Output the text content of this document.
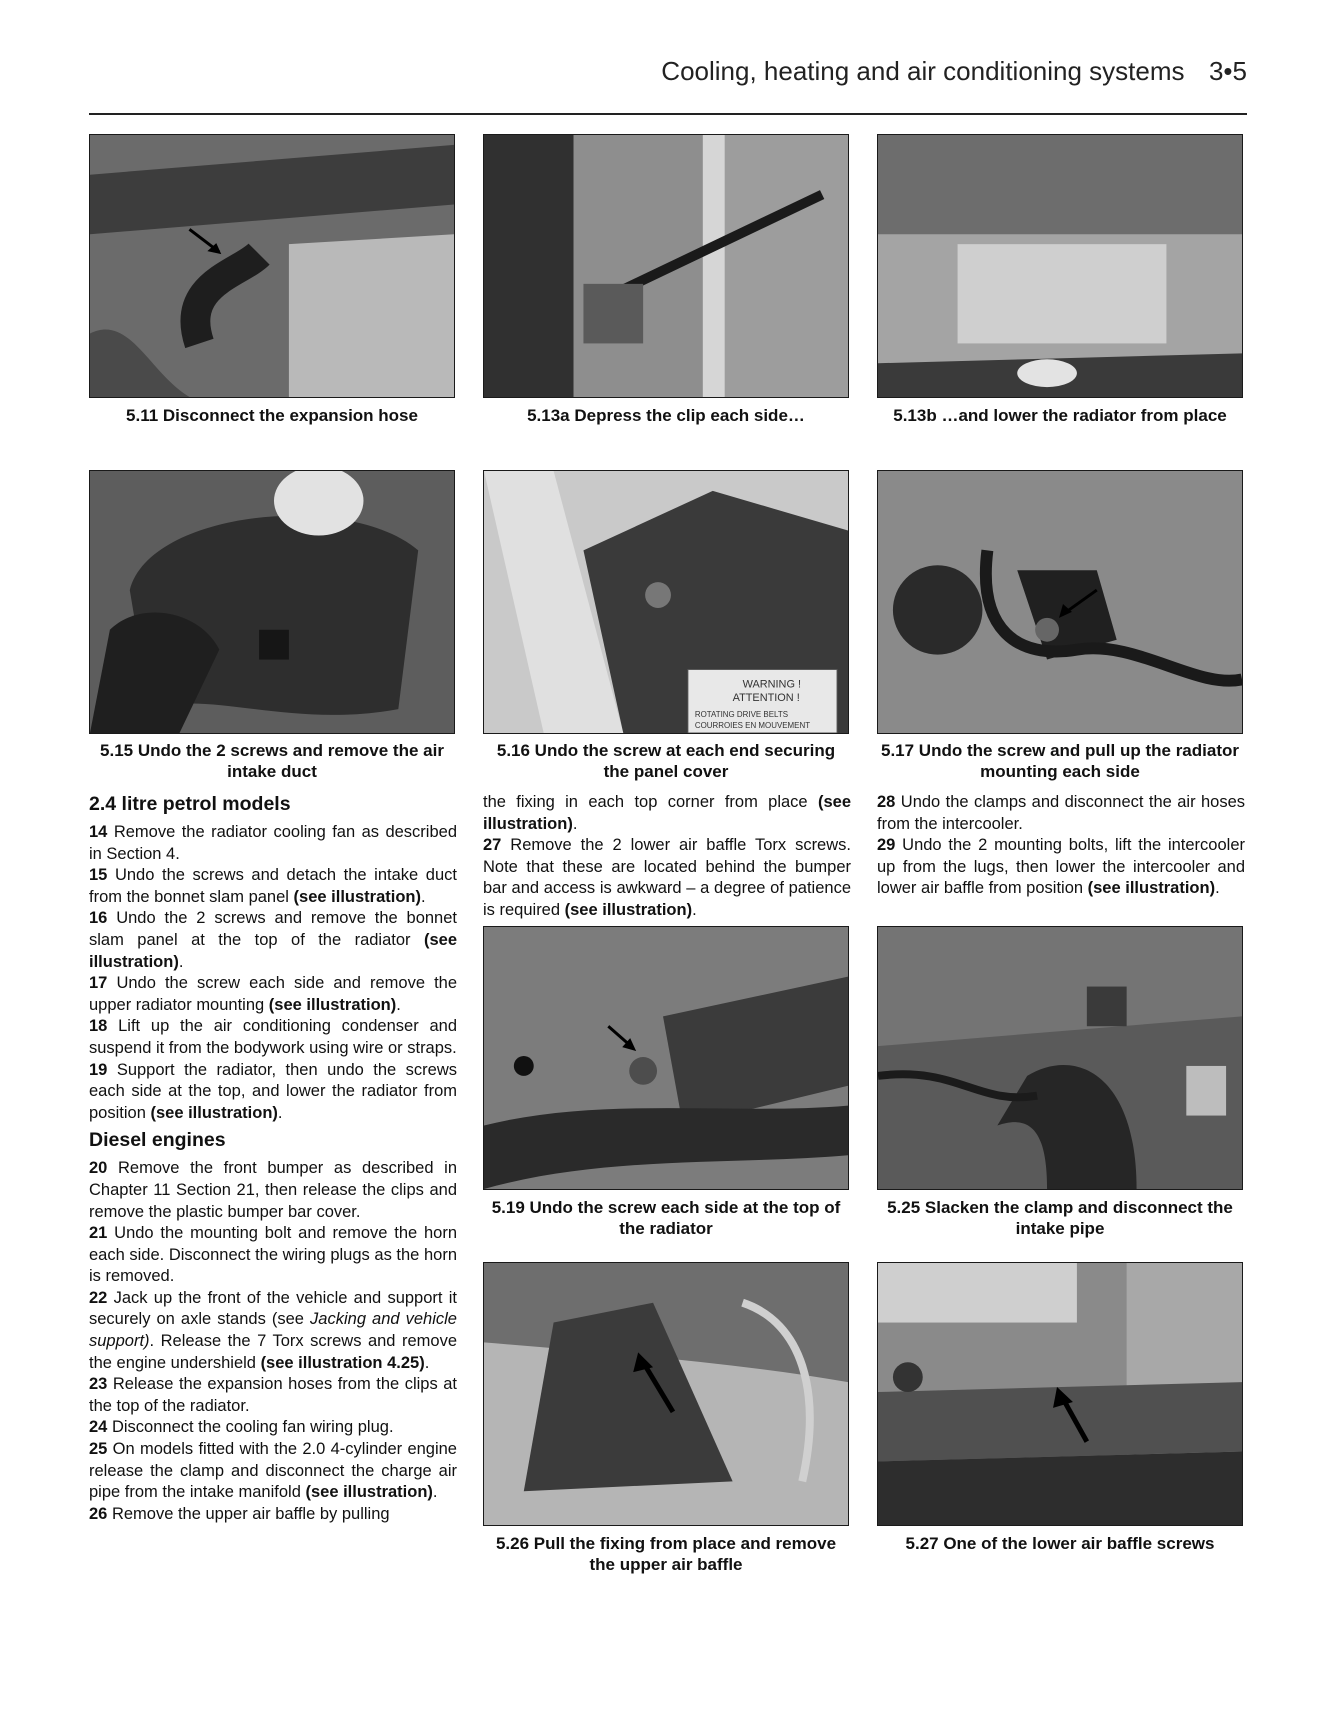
Cooling, heating and air conditioning systems 3•5
5.11 Disconnect the expansion hose	5.13a Depress the clip each side…	5.13b …and lower the radiator from place
WARNING !
ATTENTION !
ROTATING DRIVE BELTS
COURROIES EN MOUVEMENT
5.15 Undo the 2 screws and remove the air intake duct
5.16 Undo the screw at each end securing the panel cover
5.17 Undo the screw and pull up the radiator mounting each side
2.4 litre petrol models

14 Remove the radiator cooling fan as described in Section 4.

15 Undo the screws and detach the intake duct from the bonnet slam panel (see illustration).

16 Undo the 2 screws and remove the bonnet slam panel at the top of the radiator (see illustration).

17 Undo the screw each side and remove the upper radiator mounting (see illustration).

18 Lift up the air conditioning condenser and suspend it from the bodywork using wire or straps.

19 Support the radiator, then undo the screws each side at the top, and lower the radiator from position (see illustration).

Diesel engines

20 Remove the front bumper as described in Chapter 11 Section 21, then release the clips and remove the plastic bumper bar cover.

21 Undo the mounting bolt and remove the horn each side. Disconnect the wiring plugs as the horn is removed.

22 Jack up the front of the vehicle and support it securely on axle stands (see Jacking and vehicle support). Release the 7 Torx screws and remove the engine undershield (see illustration 4.25).

23 Release the expansion hoses from the clips at the top of the radiator.

24 Disconnect the cooling fan wiring plug.

25 On models fitted with the 2.0 4-cylinder engine release the clamp and disconnect the charge air pipe from the intake manifold (see illustration).

26 Remove the upper air baffle by pulling

the fixing in each top corner from place (see illustration).

27 Remove the 2 lower air baffle Torx screws. Note that these are located behind the bumper bar and access is awkward – a degree of patience is required (see illustration).

28 Undo the clamps and disconnect the air hoses from the intercooler.

29 Undo the 2 mounting bolts, lift the intercooler up from the lugs, then lower the intercooler and lower air baffle from position (see illustration).

5.19 Undo the screw each side at the top of the radiator
5.25 Slacken the clamp and disconnect the intake pipe
5.26 Pull the fixing from place and remove the upper air baffle
5.27 One of the lower air baffle screws
